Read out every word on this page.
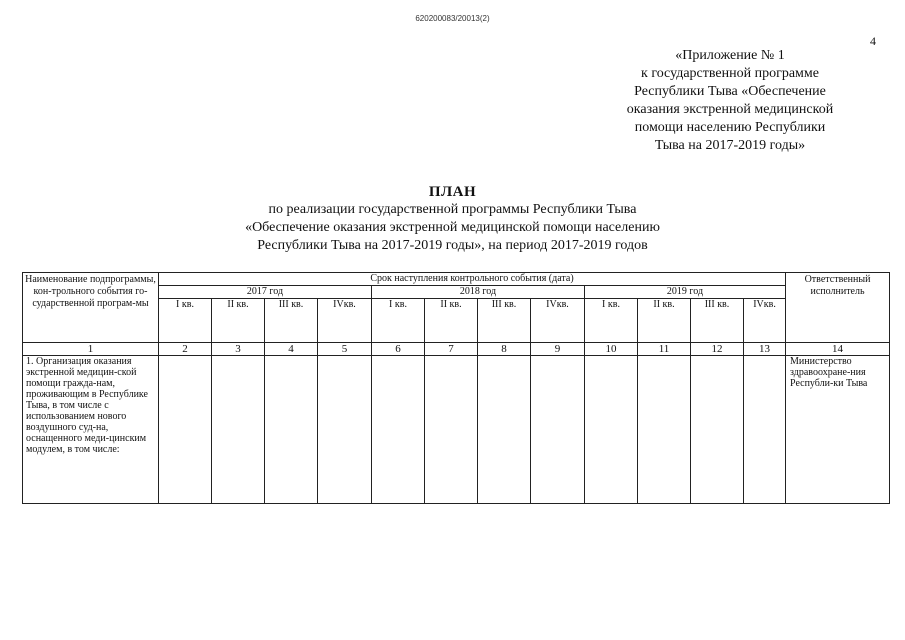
620200083/20013(2)
4
«Приложение № 1
к государственной программе
Республики Тыва «Обеспечение
оказания экстренной медицинской
помощи населению Республики
Тыва на 2017-2019 годы»
ПЛАН
по реализации государственной программы Республики Тыва
«Обеспечение оказания экстренной медицинской помощи населению
Республики Тыва на 2017-2019 годы», на период 2017-2019 годов
Наименование подпрограммы, кон-трольного события го-сударственной програм-мы	Срок наступления контрольного события (дата)												Ответственный исполнитель
	2017 год				2018 год				2019 год				
	I кв.	II кв.	III кв.	IVкв.	I кв.	II кв.	III кв.	IVкв.	I кв.	II кв.	III кв.	IVкв.	
1	2	3	4	5	6	7	8	9	10	11	12	13	14
1. Организация оказания экстренной медицин-ской помощи гражда-нам, проживающим в Республике Тыва, в том числе с использованием нового воздушного суд-на, оснащенного меди-цинским модулем, в том числе:													Министерство здравоохране-ния Республи-ки Тыва
